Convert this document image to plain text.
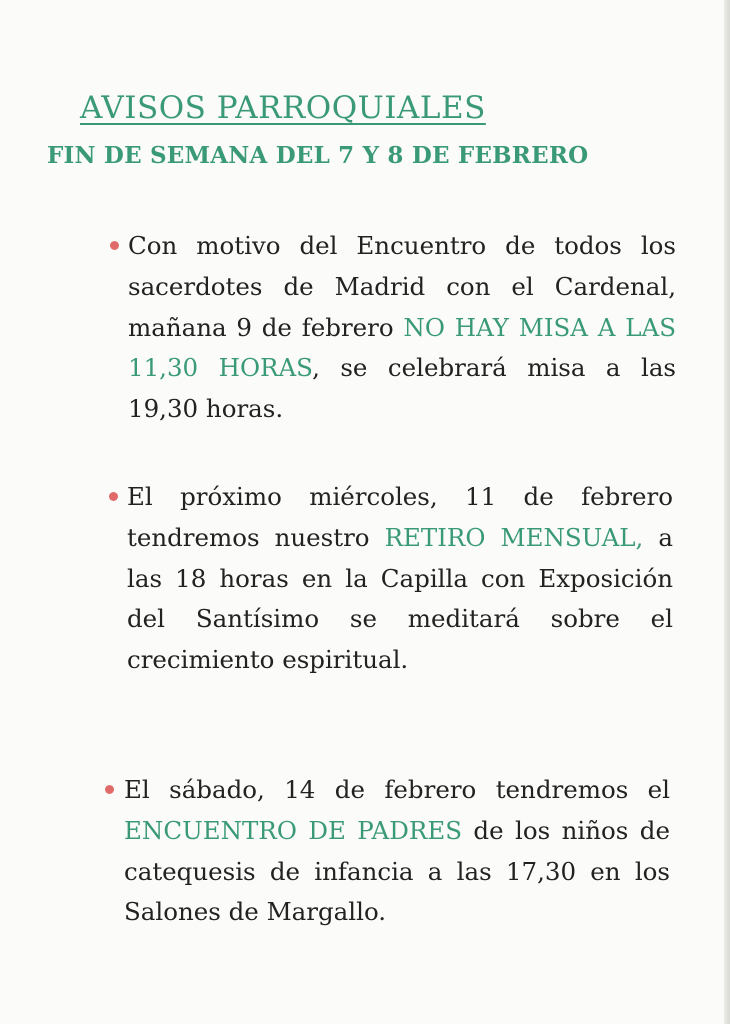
AVISOS PARROQUIALES
FIN DE SEMANA DEL 7 Y 8 DE FEBRERO
Con motivo del Encuentro de todos los sacerdotes de Madrid con el Cardenal, mañana 9 de febrero NO HAY MISA A LAS 11,30 HORAS, se celebrará misa a las 19,30 horas.
El próximo miércoles, 11 de febrero tendremos nuestro RETIRO MENSUAL, a las 18 horas en la Capilla con Exposición del Santísimo se meditará sobre el crecimiento espiritual.
El sábado, 14 de febrero tendremos el ENCUENTRO DE PADRES de los niños de catequesis de infancia a las 17,30 en los Salones de Margallo.
